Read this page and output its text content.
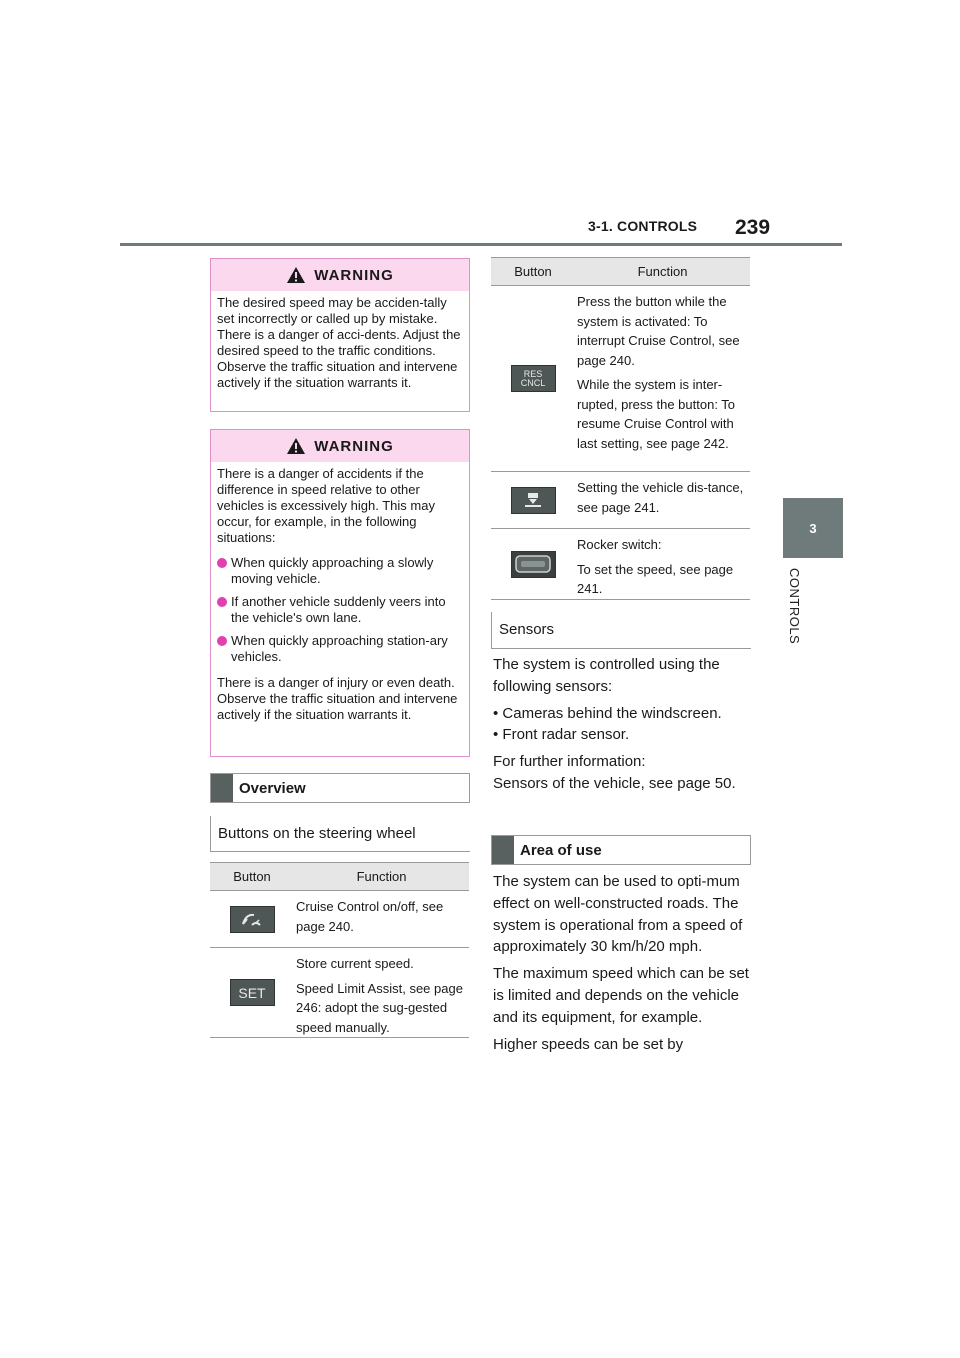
3-1. CONTROLS 239
3
CONTROLS
WARNING

The desired speed may be acciden-tally set incorrectly or called up by mistake. There is a danger of acci-dents. Adjust the desired speed to the traffic conditions. Observe the traffic situation and intervene actively if the situation warrants it.

WARNING

There is a danger of accidents if the difference in speed relative to other vehicles is excessively high. This may occur, for example, in the following situations:

When quickly approaching a slowly moving vehicle.
If another vehicle suddenly veers into the vehicle's own lane.
When quickly approaching station-ary vehicles.

There is a danger of injury or even death. Observe the traffic situation and intervene actively if the situation warrants it.

Overview
Buttons on the steering wheel
Button	Function

Cruise Control on/off, see page 240.

SET

Store current speed.

Speed Limit Assist, see page 246: adopt the sug-gested speed manually.

Button	Function
RES
CNCL

Press the button while the system is activated: To interrupt Cruise Control, see page 240.

While the system is inter-rupted, press the button: To resume Cruise Control with last setting, see page 242.

Setting the vehicle dis-tance, see page 241.

Rocker switch:

To set the speed, see page 241.

Sensors

The system is controlled using the following sensors:

• Cameras behind the windscreen.

• Front radar sensor.

For further information:

Sensors of the vehicle, see page 50.

Area of use

The system can be used to opti-mum effect on well-constructed roads. The system is operational from a speed of approximately 30 km/h/20 mph.

The maximum speed which can be set is limited and depends on the vehicle and its equipment, for example.

Higher speeds can be set by
